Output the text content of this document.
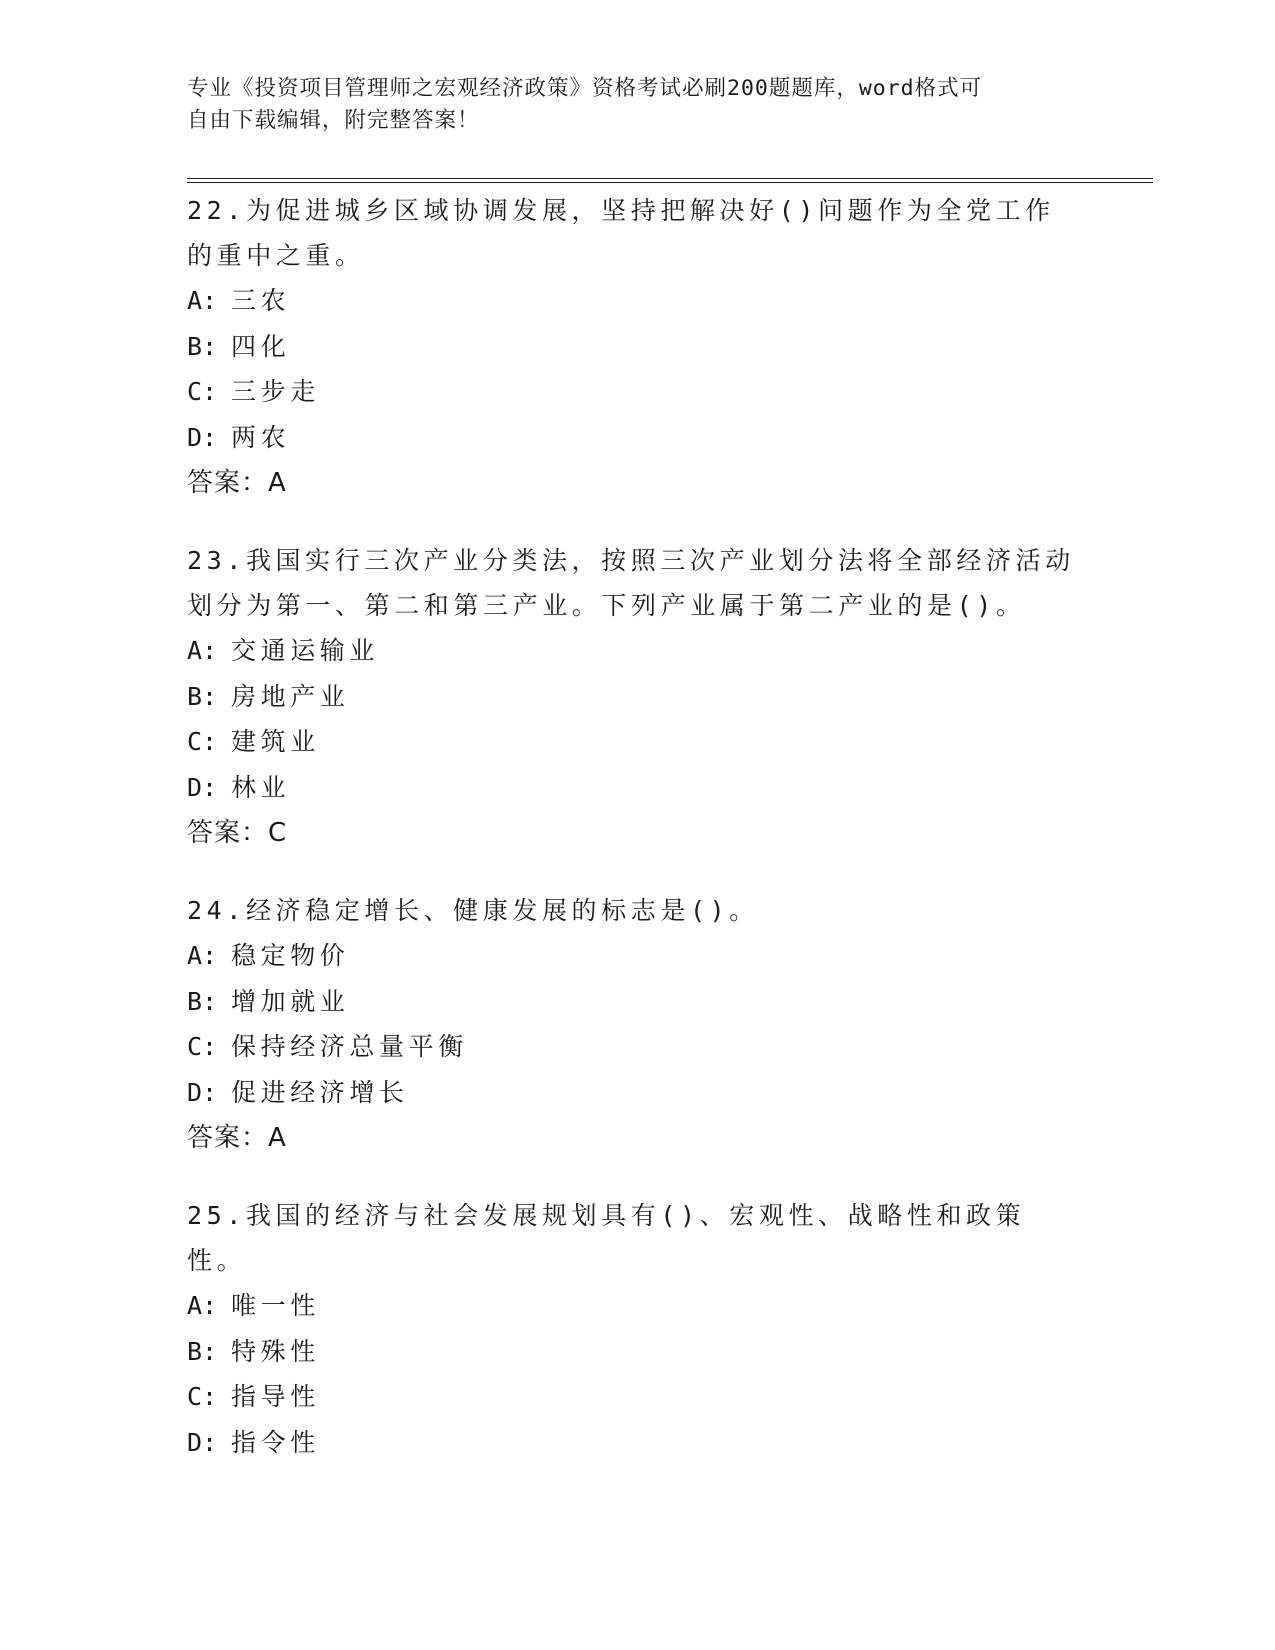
专业《投资项目管理师之宏观经济政策》资格考试必刷200题题库，word格式可
自由下载编辑，附完整答案！
22.为促进城乡区域协调发展，坚持把解决好()问题作为全党工作的重中之重。
A: 三农
B: 四化
C: 三步走
D: 两农
答案：A
23.我国实行三次产业分类法，按照三次产业划分法将全部经济活动划分为第一、第二和第三产业。下列产业属于第二产业的是()。
A: 交通运输业
B: 房地产业
C: 建筑业
D: 林业
答案：C
24.经济稳定增长、健康发展的标志是()。
A: 稳定物价
B: 增加就业
C: 保持经济总量平衡
D: 促进经济增长
答案：A
25.我国的经济与社会发展规划具有()、宏观性、战略性和政策性。
A: 唯一性
B: 特殊性
C: 指导性
D: 指令性
